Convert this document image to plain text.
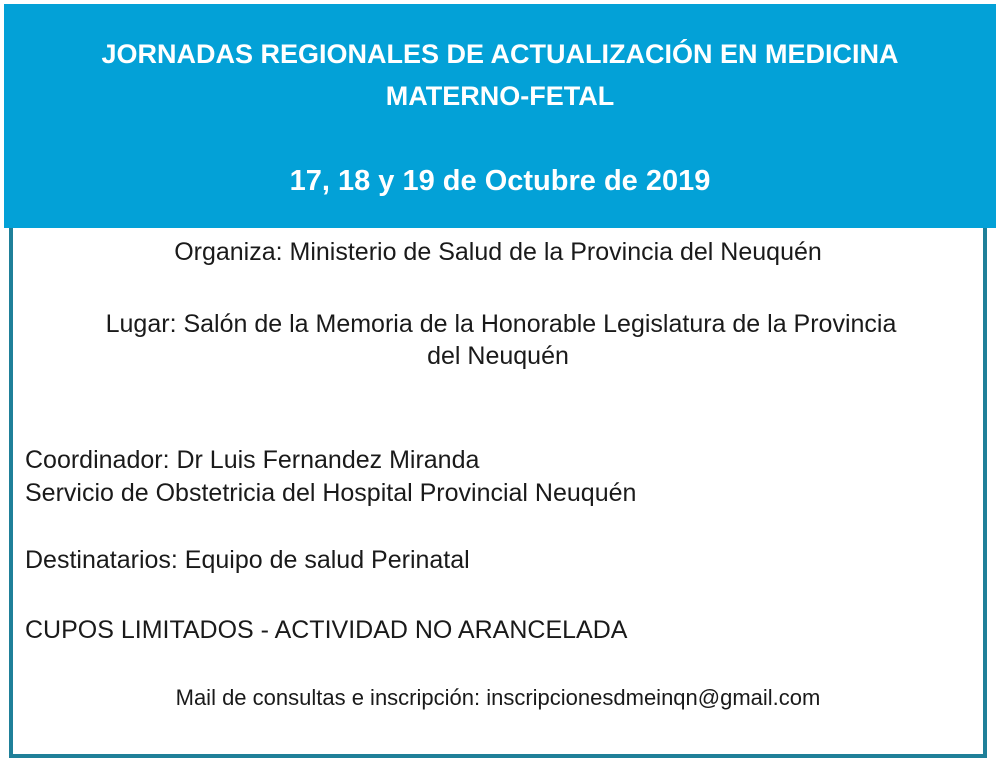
JORNADAS REGIONALES DE ACTUALIZACIÓN EN MEDICINA
MATERNO-FETAL
17, 18 y 19 de Octubre de 2019
Organiza: Ministerio de Salud de la Provincia del Neuquén
Lugar: Salón de la Memoria de la Honorable Legislatura de la Provincia
del Neuquén
Coordinador: Dr Luis Fernandez Miranda
Servicio de Obstetricia del Hospital Provincial Neuquén
Destinatarios: Equipo de salud Perinatal
CUPOS LIMITADOS - ACTIVIDAD NO ARANCELADA
Mail de consultas e inscripción: inscripcionesdmeinqn@gmail.com
